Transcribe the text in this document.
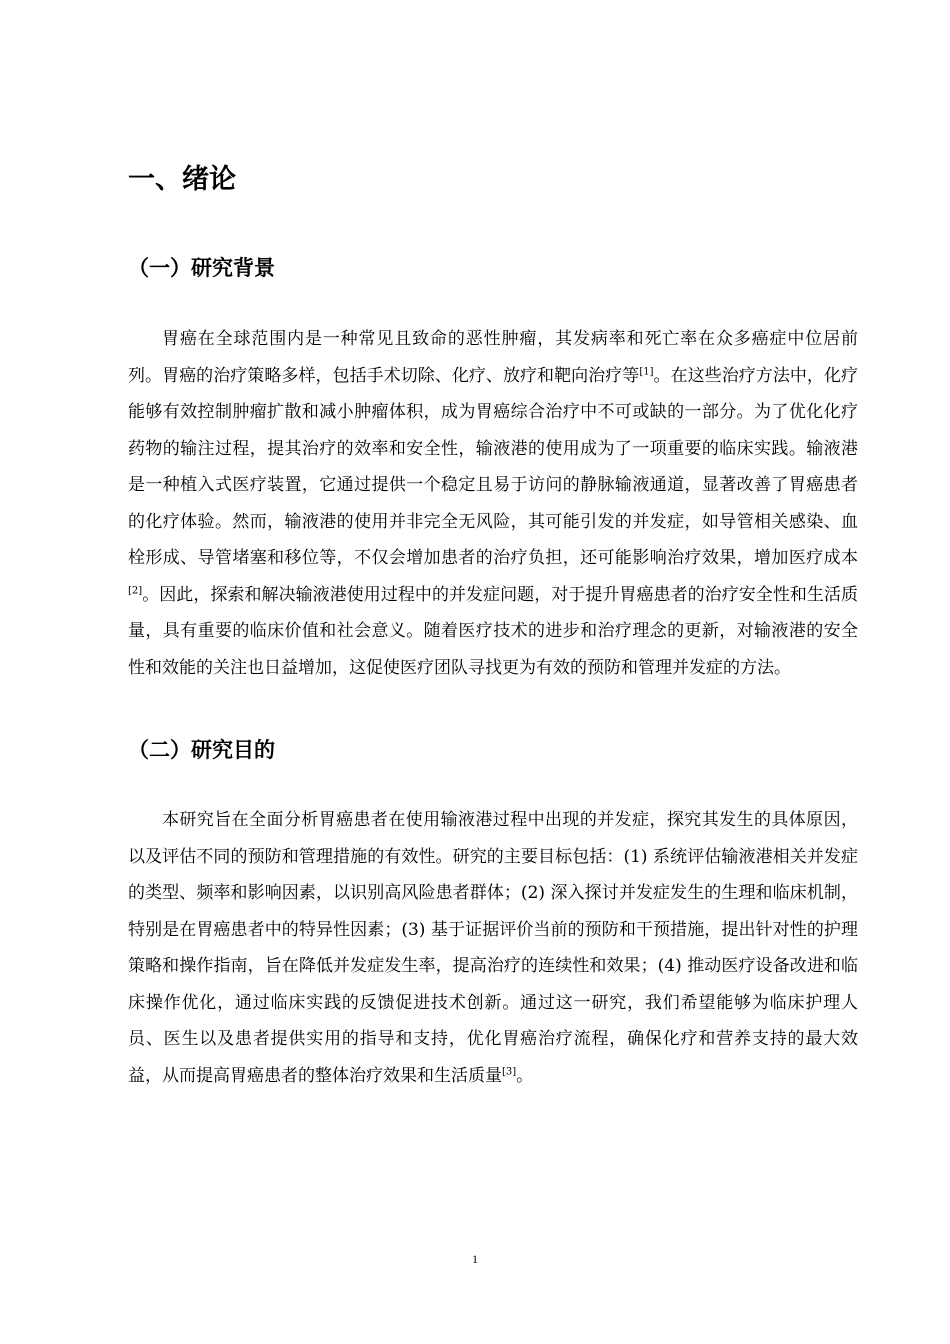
一、绪论
（一）研究背景

胃癌在全球范围内是一种常见且致命的恶性肿瘤，其发病率和死亡率在众多癌症中位居前列。胃癌的治疗策略多样，包括手术切除、化疗、放疗和靶向治疗等[1]。在这些治疗方法中，化疗能够有效控制肿瘤扩散和减小肿瘤体积，成为胃癌综合治疗中不可或缺的一部分。为了优化化疗药物的输注过程，提其治疗的效率和安全性，输液港的使用成为了一项重要的临床实践。输液港是一种植入式医疗装置，它通过提供一个稳定且易于访问的静脉输液通道，显著改善了胃癌患者的化疗体验。然而，输液港的使用并非完全无风险，其可能引发的并发症，如导管相关感染、血栓形成、导管堵塞和移位等，不仅会增加患者的治疗负担，还可能影响治疗效果，增加医疗成本[2]。因此，探索和解决输液港使用过程中的并发症问题，对于提升胃癌患者的治疗安全性和生活质量，具有重要的临床价值和社会意义。随着医疗技术的进步和治疗理念的更新，对输液港的安全性和效能的关注也日益增加，这促使医疗团队寻找更为有效的预防和管理并发症的方法。

（二）研究目的

本研究旨在全面分析胃癌患者在使用输液港过程中出现的并发症，探究其发生的具体原因，以及评估不同的预防和管理措施的有效性。研究的主要目标包括：(1) 系统评估输液港相关并发症的类型、频率和影响因素，以识别高风险患者群体；(2) 深入探讨并发症发生的生理和临床机制，特别是在胃癌患者中的特异性因素；(3) 基于证据评价当前的预防和干预措施，提出针对性的护理策略和操作指南，旨在降低并发症发生率，提高治疗的连续性和效果；(4) 推动医疗设备改进和临床操作优化，通过临床实践的反馈促进技术创新。通过这一研究，我们希望能够为临床护理人员、医生以及患者提供实用的指导和支持，优化胃癌治疗流程，确保化疗和营养支持的最大效益，从而提高胃癌患者的整体治疗效果和生活质量[3]。

1
